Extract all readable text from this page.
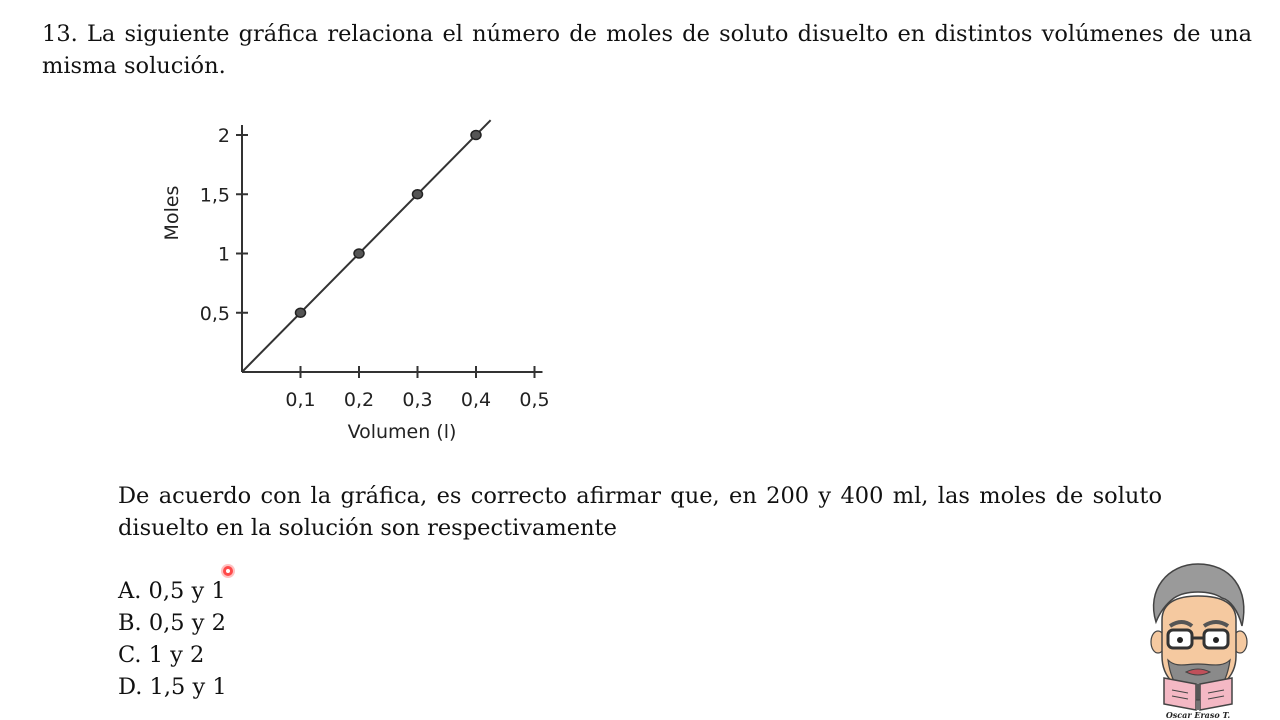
13. La siguiente gráfica relaciona el número de moles de soluto disuelto en distintos volúmenes de una misma solución.

0,1 0,2 0,3 0,4 0,5
0,5
1
1,5
2
Volumen (l)
Moles

De acuerdo con la gráfica, es correcto afirmar que, en 200 y 400 ml, las moles de soluto disuelto en la solución son respectivamente

A. 0,5 y 1
B. 0,5 y 2
C. 1 y 2
D. 1,5 y 1
Oscar Eraso T.
